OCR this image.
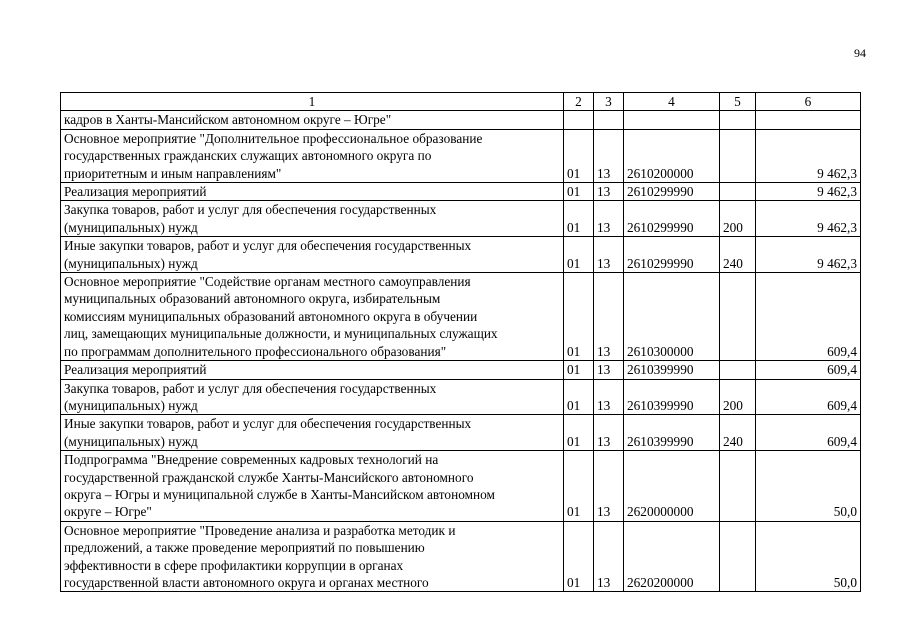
94
1	2	3	4	5	6

кадров в Ханты-Мансийском автономном округе – Югре"					

Основное мероприятие "Дополнительное профессиональное образование
государственных гражданских служащих автономного округа по
приоритетным и иным направлениям"	01	13	2610200000		9 462,3

Реализация мероприятий	01	13	2610299990		9 462,3

Закупка товаров, работ и услуг для обеспечения государственных
(муниципальных) нужд	01	13	2610299990	200	9 462,3

Иные закупки товаров, работ и услуг для обеспечения государственных
(муниципальных) нужд	01	13	2610299990	240	9 462,3

Основное мероприятие "Содействие органам местного самоуправления
муниципальных образований автономного округа, избирательным
комиссиям муниципальных образований автономного округа в обучении
лиц, замещающих муниципальные должности, и муниципальных служащих
по программам дополнительного профессионального образования"	01	13	2610300000		609,4

Реализация мероприятий	01	13	2610399990		609,4

Закупка товаров, работ и услуг для обеспечения государственных
(муниципальных) нужд	01	13	2610399990	200	609,4

Иные закупки товаров, работ и услуг для обеспечения государственных
(муниципальных) нужд	01	13	2610399990	240	609,4

Подпрограмма "Внедрение современных кадровых технологий на
государственной гражданской службе Ханты-Мансийского автономного
округа – Югры и муниципальной службе в Ханты-Мансийском автономном
округе – Югре"	01	13	2620000000		50,0

Основное мероприятие "Проведение анализа и разработка методик и
предложений, а также проведение мероприятий по повышению
эффективности в сфере профилактики коррупции в органах
государственной власти автономного округа и органах местного	01	13	2620200000		50,0
